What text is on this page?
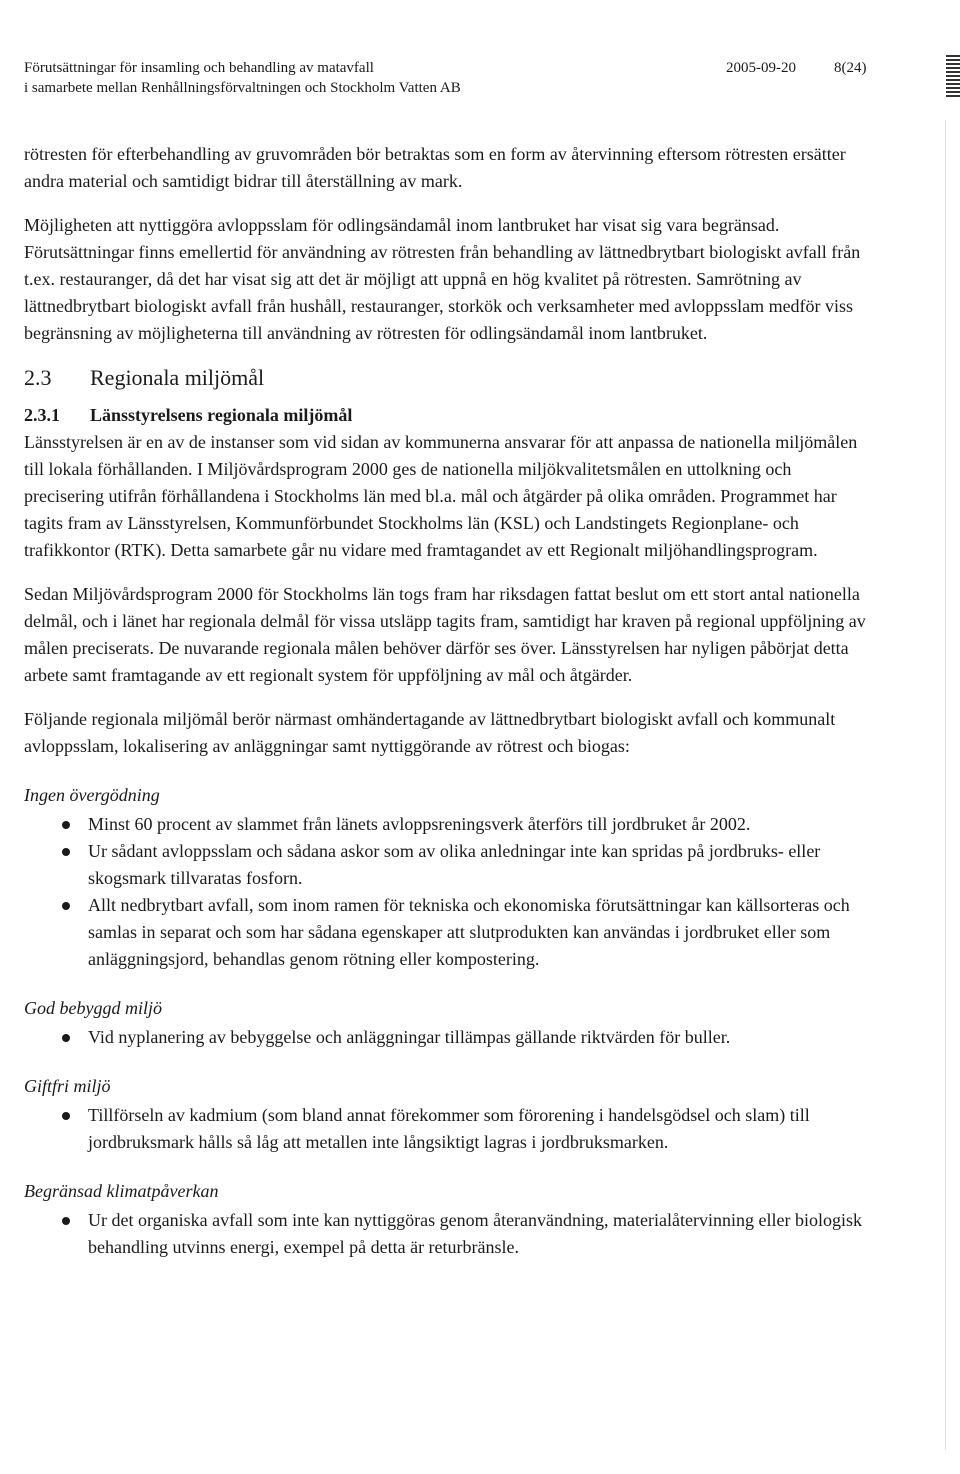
Förutsättningar för insamling och behandling av matavfall
i samarbete mellan Renhållningsförvaltningen och Stockholm Vatten AB
2005-09-20	8(24)

rötresten för efterbehandling av gruvområden bör betraktas som en form av återvinning eftersom rötresten ersätter andra material och samtidigt bidrar till återställning av mark.

Möjligheten att nyttiggöra avloppsslam för odlingsändamål inom lantbruket har visat sig vara begränsad. Förutsättningar finns emellertid för användning av rötresten från behandling av lättnedbrytbart biologiskt avfall från t.ex. restauranger, då det har visat sig att det är möjligt att uppnå en hög kvalitet på rötresten. Samrötning av lättnedbrytbart biologiskt avfall från hushåll, restauranger, storkök och verksamheter med avloppsslam medför viss begränsning av möjligheterna till användning av rötresten för odlingsändamål inom lantbruket.

2.3 Regionala miljömål
2.3.1 Länsstyrelsens regionala miljömål

Länsstyrelsen är en av de instanser som vid sidan av kommunerna ansvarar för att anpassa de nationella miljömålen till lokala förhållanden. I Miljövårdsprogram 2000 ges de nationella miljökvalitetsmålen en uttolkning och precisering utifrån förhållandena i Stockholms län med bl.a. mål och åtgärder på olika områden. Programmet har tagits fram av Länsstyrelsen, Kommunförbundet Stockholms län (KSL) och Landstingets Regionplane- och trafikkontor (RTK). Detta samarbete går nu vidare med framtagandet av ett Regionalt miljöhandlingsprogram.

Sedan Miljövårdsprogram 2000 för Stockholms län togs fram har riksdagen fattat beslut om ett stort antal nationella delmål, och i länet har regionala delmål för vissa utsläpp tagits fram, samtidigt har kraven på regional uppföljning av målen preciserats. De nuvarande regionala målen behöver därför ses över. Länsstyrelsen har nyligen påbörjat detta arbete samt framtagande av ett regionalt system för uppföljning av mål och åtgärder.

Följande regionala miljömål berör närmast omhändertagande av lättnedbrytbart biologiskt avfall och kommunalt avloppsslam, lokalisering av anläggningar samt nyttiggörande av rötrest och biogas:

Ingen övergödning
Minst 60 procent av slammet från länets avloppsreningsverk återförs till jordbruket år 2002.
Ur sådant avloppsslam och sådana askor som av olika anledningar inte kan spridas på jordbruks- eller skogsmark tillvaratas fosforn.
Allt nedbrytbart avfall, som inom ramen för tekniska och ekonomiska förutsättningar kan källsorteras och samlas in separat och som har sådana egenskaper att slutprodukten kan användas i jordbruket eller som anläggningsjord, behandlas genom rötning eller kompostering.
God bebyggd miljö
Vid nyplanering av bebyggelse och anläggningar tillämpas gällande riktvärden för buller.
Giftfri miljö
Tillförseln av kadmium (som bland annat förekommer som förorening i handelsgödsel och slam) till jordbruksmark hålls så låg att metallen inte långsiktigt lagras i jordbruksmarken.
Begränsad klimatpåverkan
Ur det organiska avfall som inte kan nyttiggöras genom återanvändning, materialåtervinning eller biologisk behandling utvinns energi, exempel på detta är returbränsle.
